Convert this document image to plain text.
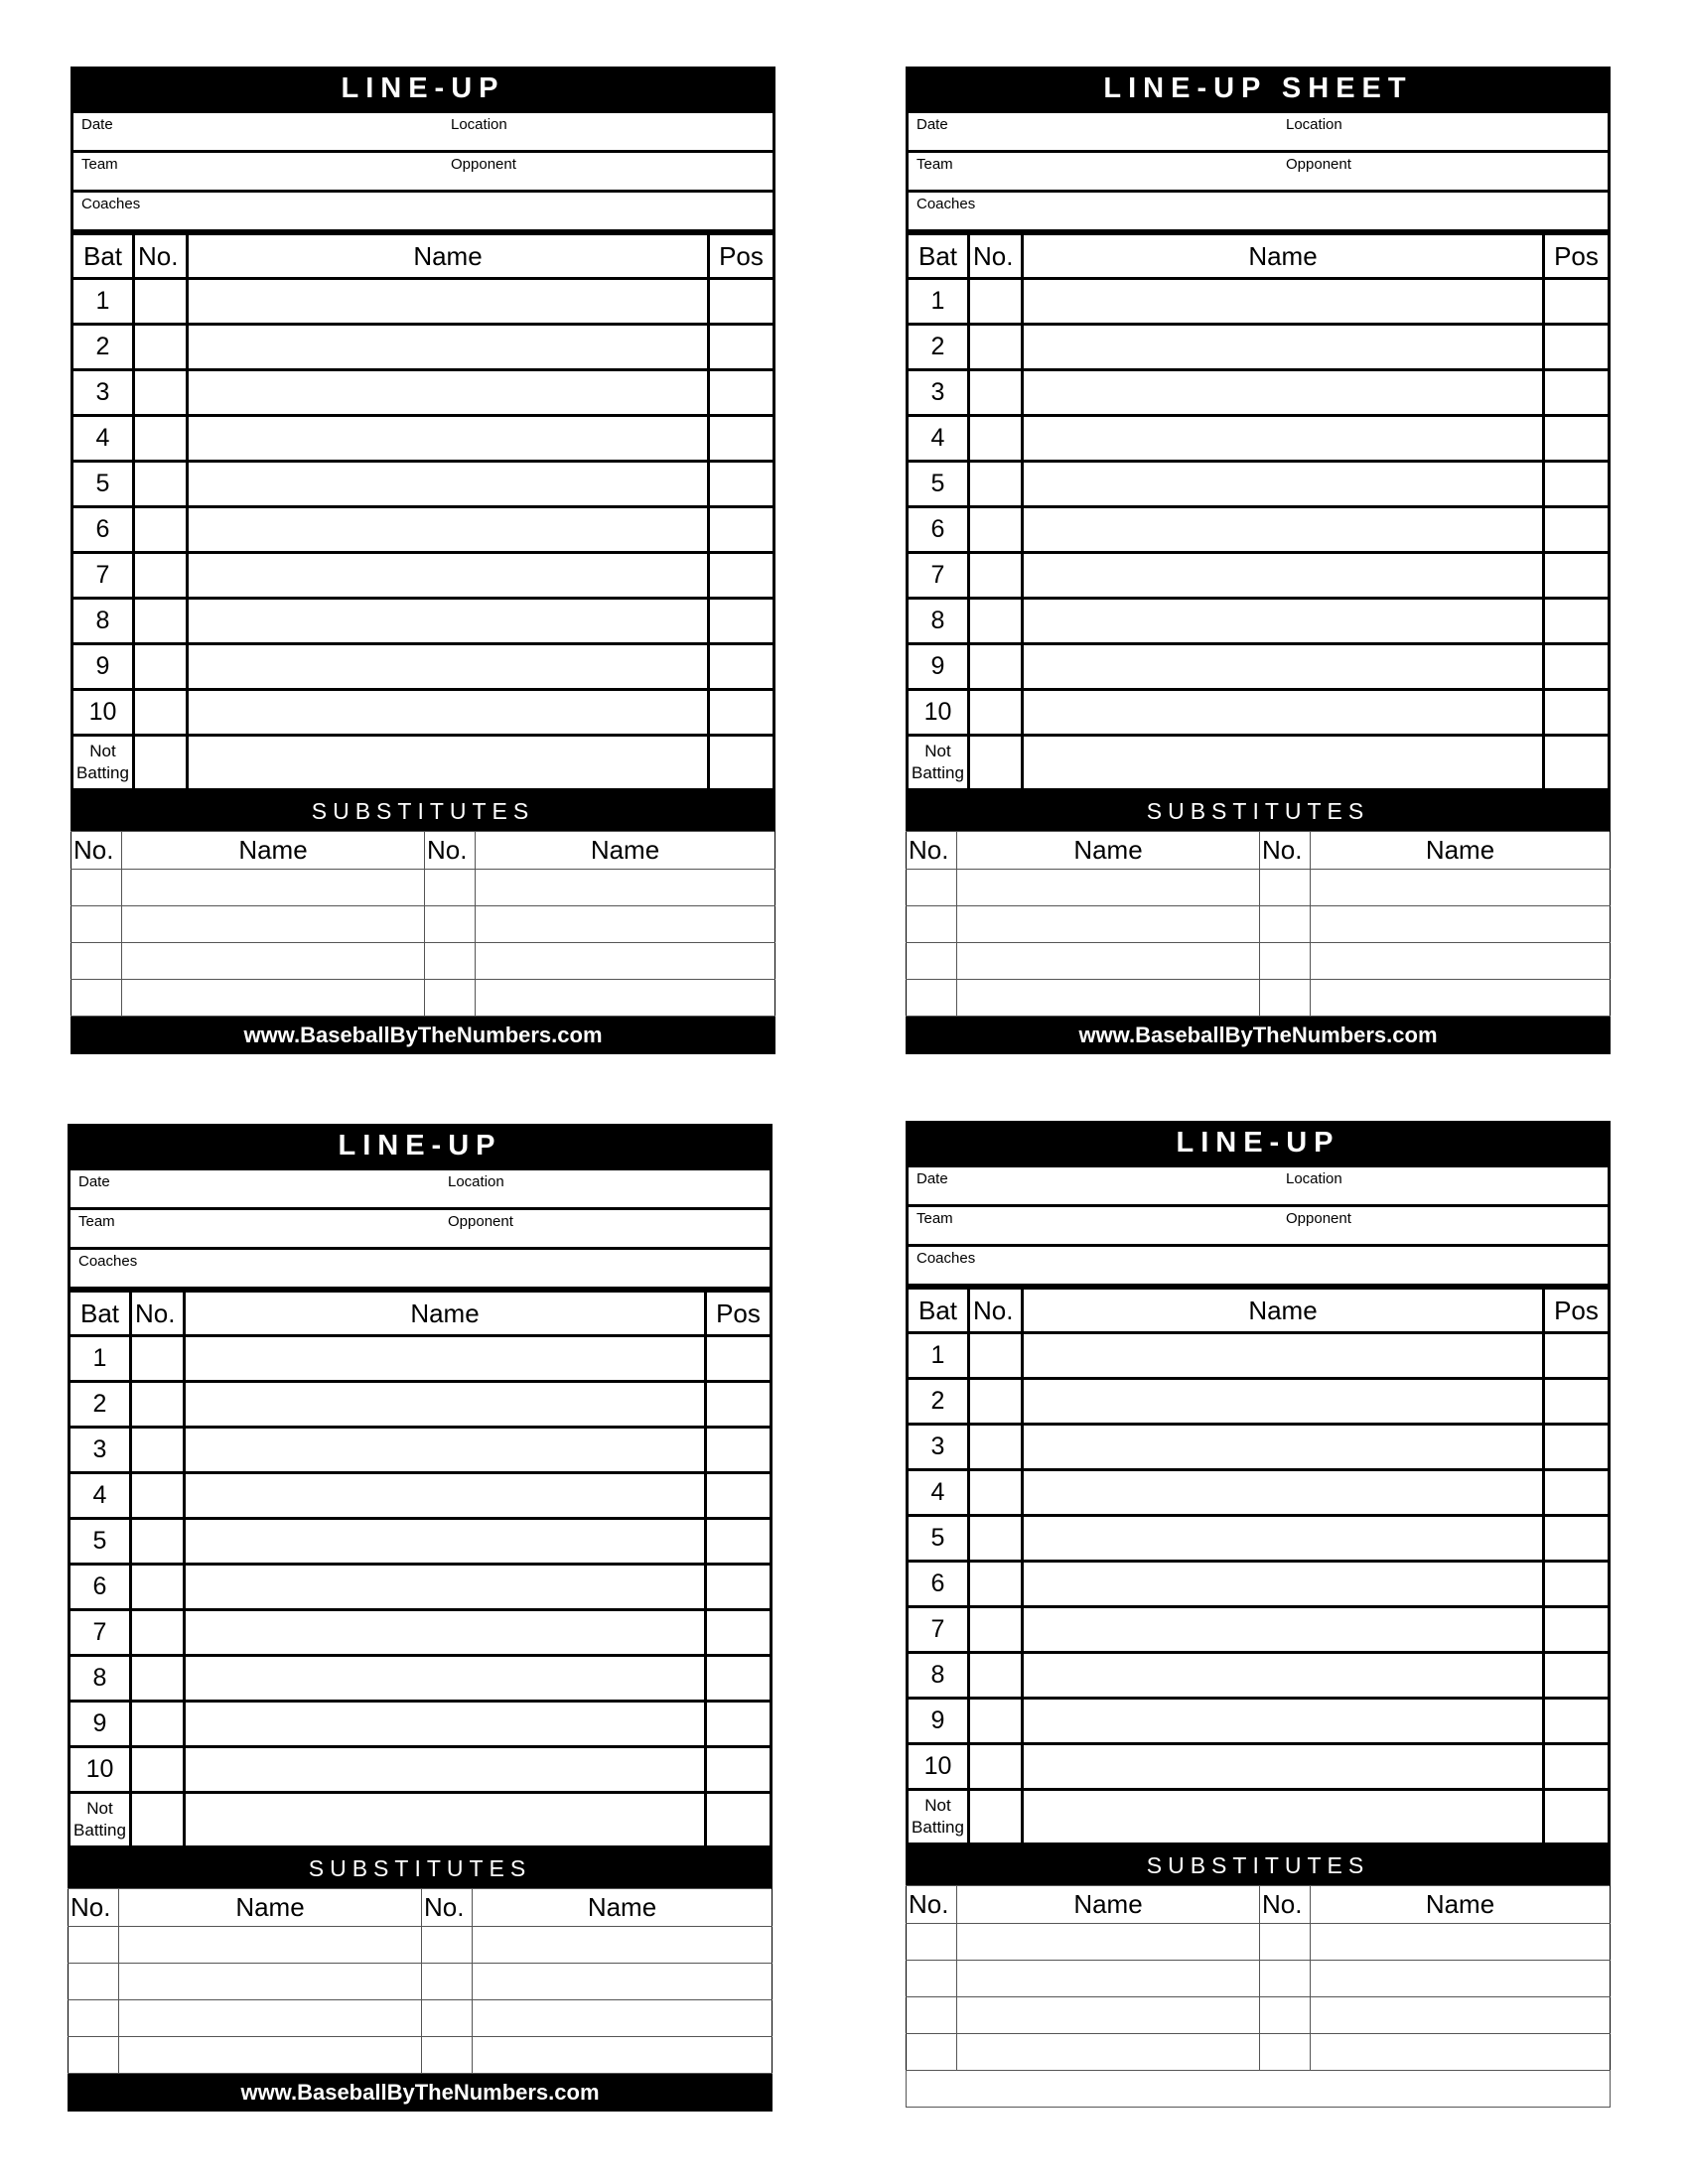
LINE-UP
Date	Location
Team	Opponent
Coaches
Bat	No.	Name	Pos
1			
2			
3			
4			
5			
6			
7			
8			
9			
10			
Not
Batting			
SUBSTITUTES
No.	Name	No.	Name

www.BaseballByTheNumbers.com
LINE-UP SHEET
Date	Location
Team	Opponent
Coaches
Bat	No.	Name	Pos
1			
2			
3			
4			
5			
6			
7			
8			
9			
10			
Not
Batting			
SUBSTITUTES
No.	Name	No.	Name

www.BaseballByTheNumbers.com
LINE-UP
Date	Location
Team	Opponent
Coaches
Bat	No.	Name	Pos
1			
2			
3			
4			
5			
6			
7			
8			
9			
10			
Not
Batting			
SUBSTITUTES
No.	Name	No.	Name

www.BaseballByTheNumbers.com
LINE-UP
Date	Location
Team	Opponent
Coaches
Bat	No.	Name	Pos
1			
2			
3			
4			
5			
6			
7			
8			
9			
10			
Not
Batting			
SUBSTITUTES
No.	Name	No.	Name
